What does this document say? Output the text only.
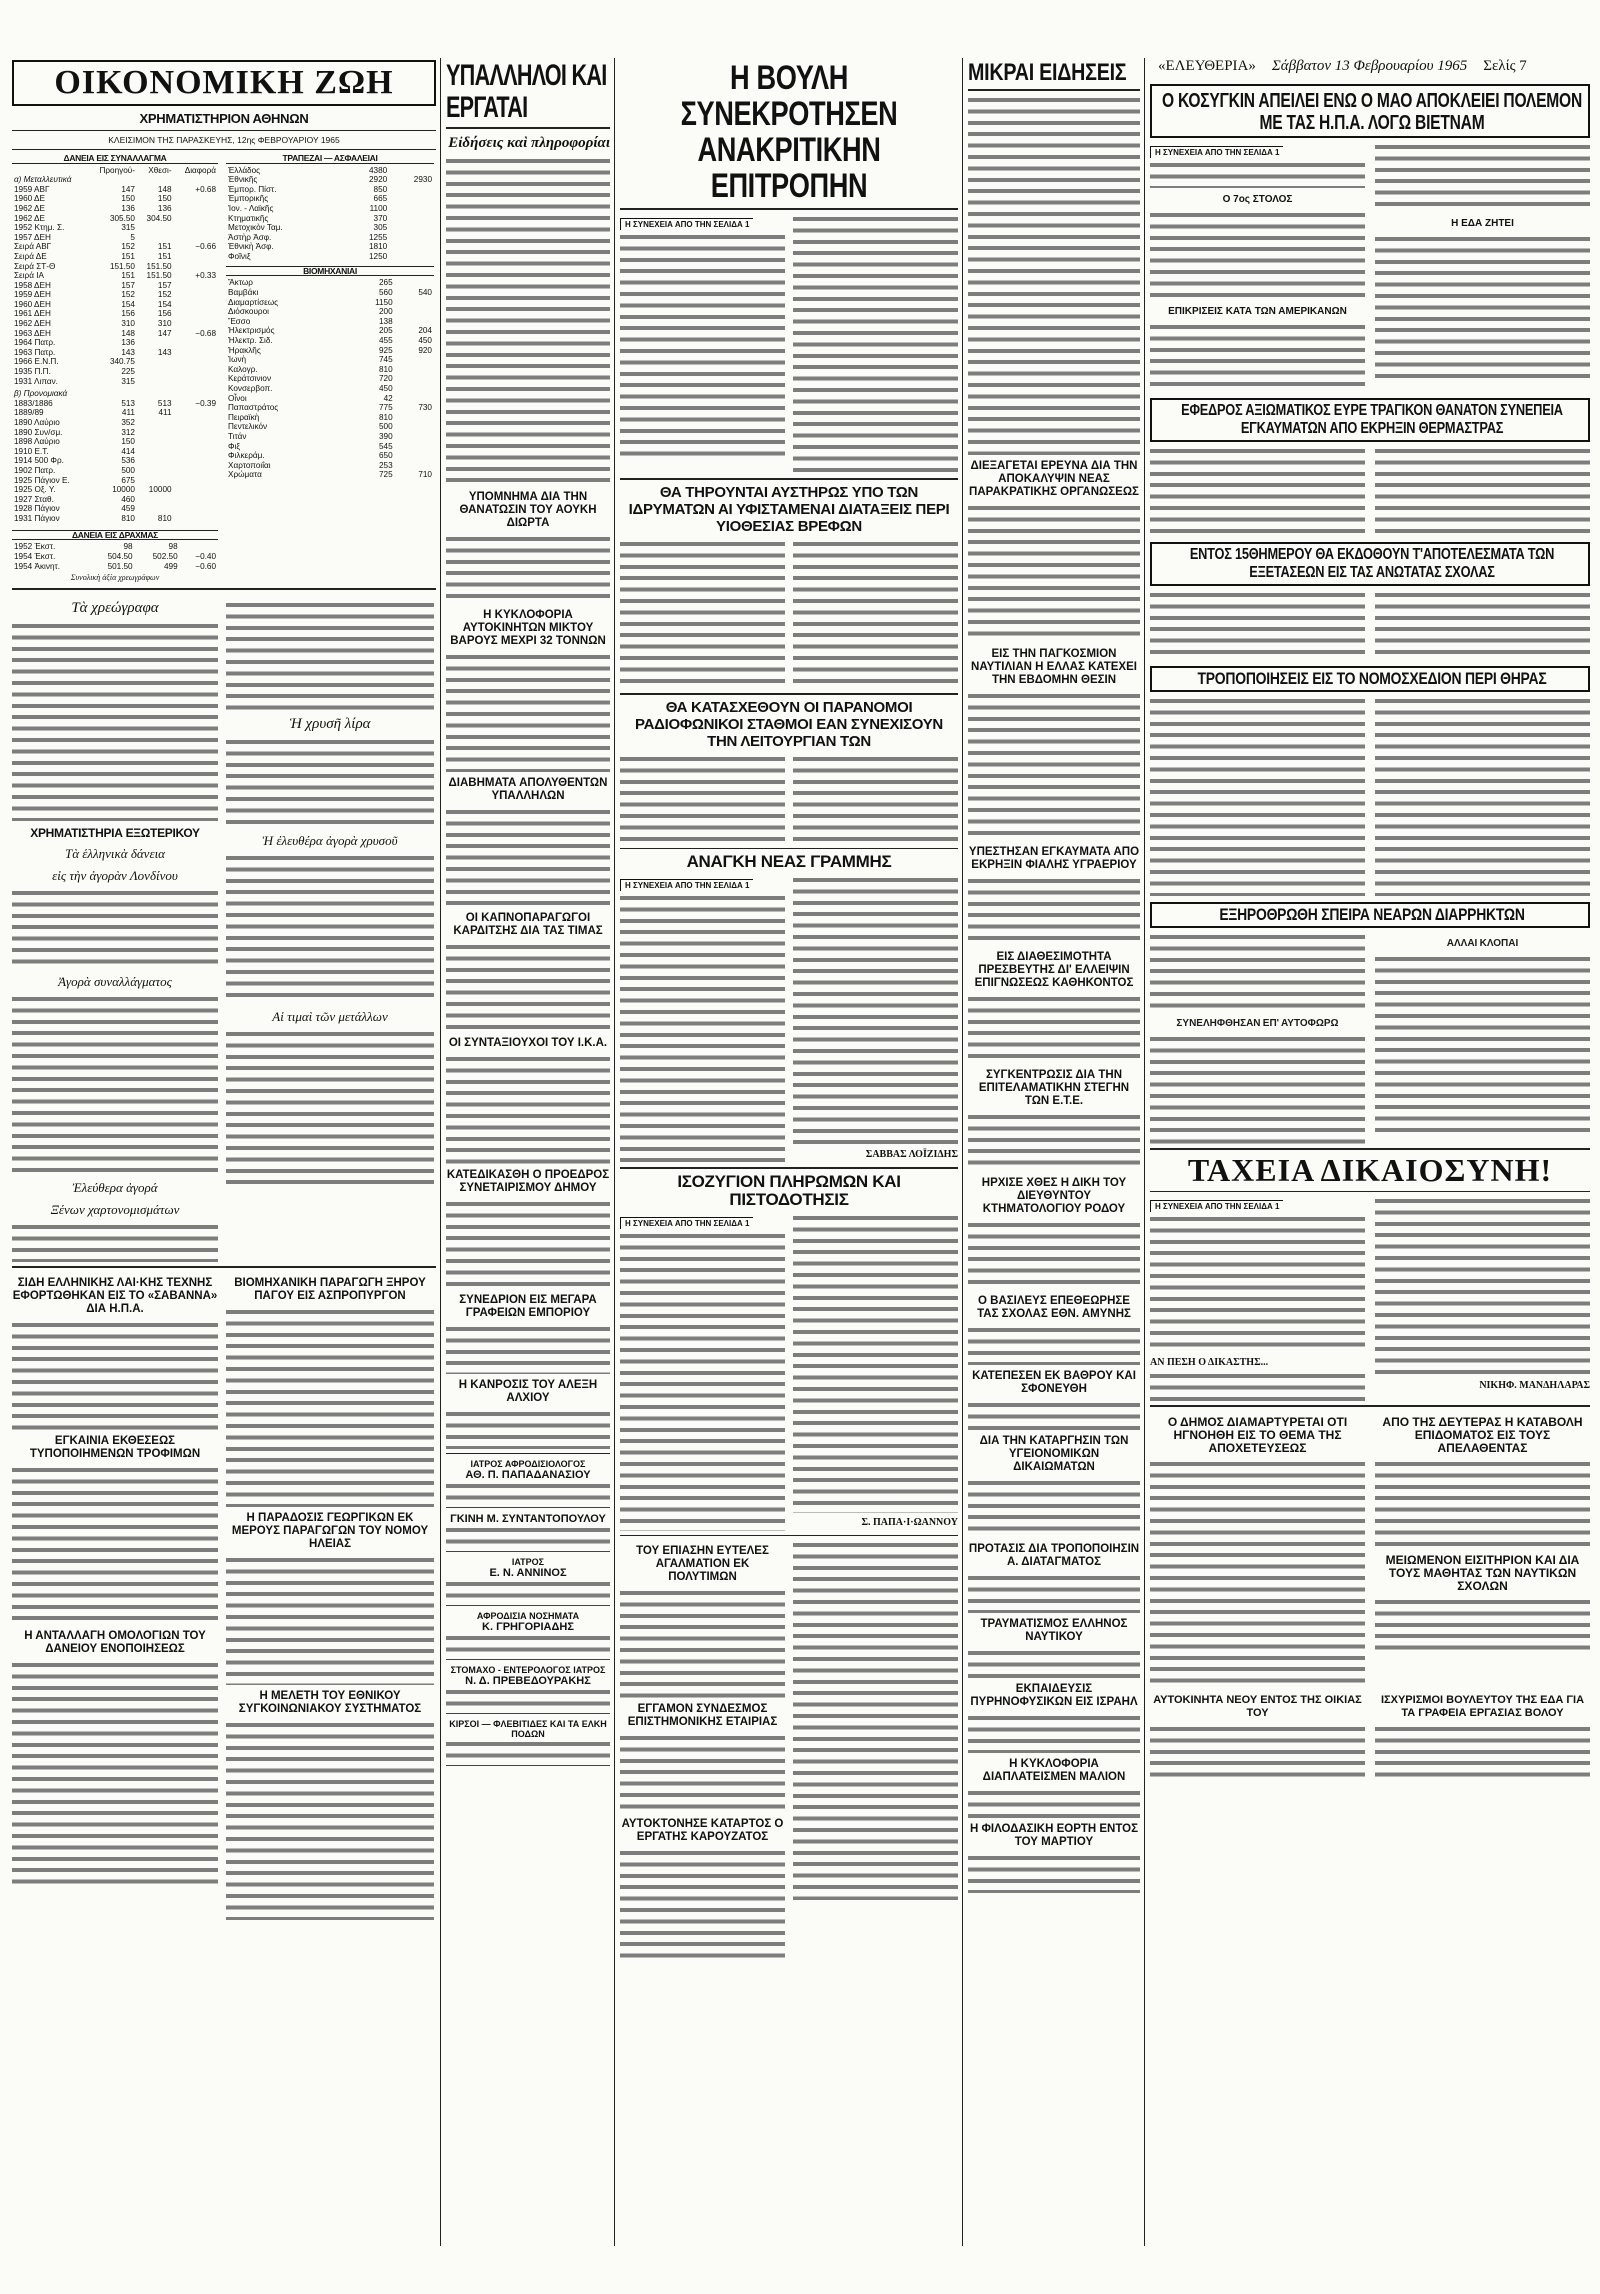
«ΕΛΕΥΘΕΡΙΑ» Σάββατον 13 Φεβρουαρίου 1965 Σελίς 7
ΟΙΚΟΝΟΜΙΚΗ ΖΩΗ
ΧΡΗΜΑΤΙΣΤΗΡΙΟΝ ΑΘΗΝΩΝ
ΚΛΕΙΣΙΜΟΝ ΤΗΣ ΠΑΡΑΣΚΕΥΗΣ, 12ης ΦΕΒΡΟΥΑΡΙΟΥ 1965
ΔΑΝΕΙΑ ΕΙΣ ΣΥΝΑΛΛΑΓΜΑ
	Προηγού-	Χθεσι-	Διαφορά
α) Μεταλλευτικά			
1959 ΑΒΓ	147	148	+0.68
1960 ΔΕ	150	150	
1962 ΔΕ	136	136	
1962 ΔΕ	305.50	304.50	
1952 Κτημ. Σ.	315		
1957 ΔΕΗ	5		
Σειρά ΑΒΓ	152	151	−0.66
Σειρά ΔΕ	151	151	
Σειρά ΣΤ-Θ	151.50	151.50	
Σειρά ΙΑ	151	151.50	+0.33
1958 ΔΕΗ	157	157	
1959 ΔΕΗ	152	152	
1960 ΔΕΗ	154	154	
1961 ΔΕΗ	156	156	
1962 ΔΕΗ	310	310	
1963 ΔΕΗ	148	147	−0.68
1964 Πατρ.	136		
1963 Πατρ.	143	143	
1966 Ε.Ν.Π.	340.75		
1935 Π.Π.	225		
1931 Λιπαν.	315		
β) Προνομιακά			
1883/1886	513	513	−0.39
1889/89	411	411	
1890 Λαύριο	352		
1890 Συν/σμ.	312		
1898 Λαύριο	150		
1910 Ε.Τ.	414		
1914 500 Φρ.	536		
1902 Πατρ.	500		
1925 Πάγιον Ε.	675		
1925 Οξ. Υ.	10000	10000	
1927 Σταθ.	460		
1928 Πάγιον	459		
1931 Πάγιον	810	810	
ΔΑΝΕΙΑ ΕΙΣ ΔΡΑΧΜΑΣ
1952 Ἐκστ.	98	98	
1954 Ἐκστ.	504.50	502.50	−0.40
1954 Ἀκινητ.	501.50	499	−0.60
Συνολικὴ ἀξία χρεωγράφων
ΤΡΑΠΕΖΑΙ — ΑΣΦΑΛΕΙΑΙ
Ἑλλάδος	4380	
Ἐθνικῆς	2920	2930
Ἐμπορ. Πίστ.	850	
Ἐμπορικῆς	665	
Ἰον. - Λαϊκῆς	1100	
Κτηματικῆς	370	
Μετοχικὸν Ταμ.	305	
Ἀστὴρ Ἀσφ.	1255	
Ἐθνικὴ Ἀσφ.	1810	
Φοῖνιξ	1250	
ΒΙΟΜΗΧΑΝΙΑΙ
Ἄκτωρ	265	
Βαμβάκι	560	540
Διαμαρτίσεως	1150	
Διόσκουροι	200	
Ἔσσο	138	
Ἡλεκτρισμός	205	204
Ἠλεκτρ. Σιδ.	455	450
Ἡρακλῆς	925	920
Ἰωνὴ	745	
Καλογρ.	810	
Κεράτσινιον	720	
Κονσερβοπ.	450	
Οἶνοι	42	
Παπαστράτος	775	730
Πειραϊκὴ	810	
Πεντελικόν	500	
Τιτάν	390	
Φιξ	545	
Φιλκεράμ.	650	
Χαρτοποιΐαι	253	
Χρώματα	725	710
Τὰ χρεώγραφα
ΧΡΗΜΑΤΙΣΤΗΡΙΑ ΕΞΩΤΕΡΙΚΟΥ
Τὰ ἑλληνικὰ δάνεια
εἰς τὴν ἀγορὰν Λονδίνου
Ἀγορὰ συναλλάγματος
Ἐλεύθερα ἀγορά
Ξένων χαρτονομισμάτων
Ἡ χρυσῆ λίρα
Ἡ ἐλευθέρα ἀγορὰ χρυσοῦ
Αἱ τιμαὶ τῶν μετάλλων
ΣΙΔΗ ΕΛΛΗΝΙΚΗΣ ΛΑΙ·ΚΗΣ ΤΕΧΝΗΣ ΕΦΟΡΤΩΘΗΚΑΝ ΕΙΣ ΤΟ «ΣΑΒΑΝΝΑ» ΔΙΑ Η.Π.Α.
ΕΓΚΑΙΝΙΑ ΕΚΘΕΣΕΩΣ ΤΥΠΟΠΟΙΗΜΕΝΩΝ ΤΡΟΦΙΜΩΝ
Η ΑΝΤΑΛΛΑΓΗ ΟΜΟΛΟΓΙΩΝ ΤΟΥ ΔΑΝΕΙΟΥ ΕΝΟΠΟΙΗΣΕΩΣ
ΒΙΟΜΗΧΑΝΙΚΗ ΠΑΡΑΓΩΓΗ ΞΗΡΟΥ ΠΑΓΟΥ ΕΙΣ ΑΣΠΡΟΠΥΡΓΟΝ
Η ΠΑΡΑΔΟΣΙΣ ΓΕΩΡΓΙΚΩΝ ΕΚ ΜΕΡΟΥΣ ΠΑΡΑΓΩΓΩΝ ΤΟΥ ΝΟΜΟΥ ΗΛΕΙΑΣ
Η ΜΕΛΕΤΗ ΤΟΥ ΕΘΝΙΚΟΥ ΣΥΓΚΟΙΝΩΝΙΑΚΟΥ ΣΥΣΤΗΜΑΤΟΣ
ΥΠΑΛΛΗΛΟΙ ΚΑΙ ΕΡΓΑΤΑΙ
Εἰδήσεις καὶ πληροφορίαι
ΥΠΟΜΝΗΜΑ ΔΙΑ ΤΗΝ ΘΑΝΑΤΩΣΙΝ ΤΟΥ ΑΟΥΚΗ ΔΙΩΡΤΑ
Η ΚΥΚΛΟΦΟΡΙΑ ΑΥΤΟΚΙΝΗΤΩΝ ΜΙΚΤΟΥ ΒΑΡΟΥΣ ΜΕΧΡΙ 32 ΤΟΝΝΩΝ
ΔΙΑΒΗΜΑΤΑ ΑΠΟΛΥΘΕΝΤΩΝ ΥΠΑΛΛΗΛΩΝ
ΟΙ ΚΑΠΝΟΠΑΡΑΓΩΓΟΙ ΚΑΡΔΙΤΣΗΣ ΔΙΑ ΤΑΣ ΤΙΜΑΣ
ΟΙ ΣΥΝΤΑΞΙΟΥΧΟΙ ΤΟΥ Ι.Κ.Α.
ΚΑΤΕΔΙΚΑΣΘΗ Ο ΠΡΟΕΔΡΟΣ ΣΥΝΕΤΑΙΡΙΣΜΟΥ ΔΗΜΟΥ
ΣΥΝΕΔΡΙΟΝ ΕΙΣ ΜΕΓΑΡΑ ΓΡΑΦΕΙΩΝ ΕΜΠΟΡΙΟΥ
Η ΚΑΝΡΟΣΙΣ ΤΟΥ ΑΛΕΞΗ ΑΛΧΙΟΥ
ΙΑΤΡΟΣ ΑΦΡΟΔΙΣΙΟΛΟΓΟΣ
ΑΘ. Π. ΠΑΠΑΔΑΝΑΣΙΟΥ
ΓΚΙΝΗ Μ. ΣΥΝΤΑΝΤΟΠΟΥΛΟΥ
ΙΑΤΡΟΣ
Ε. Ν. ΑΝΝΙΝΟΣ
ΑΦΡΟΔΙΣΙΑ ΝΟΣΗΜΑΤΑ
Κ. ΓΡΗΓΟΡΙΑΔΗΣ
ΣΤΟΜΑΧΟ - ΕΝΤΕΡΟΛΟΓΟΣ ΙΑΤΡΟΣ
Ν. Δ. ΠΡΕΒΕΔΟΥΡΑΚΗΣ
ΚΙΡΣΟΙ — ΦΛΕΒΙΤΙΔΕΣ ΚΑΙ ΤΑ ΕΛΚΗ ΠΟΔΩΝ
Η ΒΟΥΛΗ ΣΥΝΕΚΡΟΤΗΣΕΝ ΑΝΑΚΡΙΤΙΚΗΝ ΕΠΙΤΡΟΠΗΝ
Η ΣΥΝΕΧΕΙΑ ΑΠΟ ΤΗΝ ΣΕΛΙΔΑ 1
ΘΑ ΤΗΡΟΥΝΤΑΙ ΑΥΣΤΗΡΩΣ ΥΠΟ ΤΩΝ ΙΔΡΥΜΑΤΩΝ ΑΙ ΥΦΙΣΤΑΜΕΝΑΙ ΔΙΑΤΑΞΕΙΣ ΠΕΡΙ ΥΙΟΘΕΣΙΑΣ ΒΡΕΦΩΝ
ΘΑ ΚΑΤΑΣΧΕΘΟΥΝ ΟΙ ΠΑΡΑΝΟΜΟΙ ΡΑΔΙΟΦΩΝΙΚΟΙ ΣΤΑΘΜΟΙ ΕΑΝ ΣΥΝΕΧΙΣΟΥΝ ΤΗΝ ΛΕΙΤΟΥΡΓΙΑΝ ΤΩΝ
ΑΝΑΓΚΗ ΝΕΑΣ ΓΡΑΜΜΗΣ
Η ΣΥΝΕΧΕΙΑ ΑΠΟ ΤΗΝ ΣΕΛΙΔΑ 1
ΣΑΒΒΑΣ ΛΟΪΖΙΔΗΣ
ΙΣΟΖΥΓΙΟΝ ΠΛΗΡΩΜΩΝ ΚΑΙ ΠΙΣΤΟΔΟΤΗΣΙΣ
Η ΣΥΝΕΧΕΙΑ ΑΠΟ ΤΗΝ ΣΕΛΙΔΑ 1
Σ. ΠΑΠΑ·Ι·ΩΑΝΝΟΥ
ΤΟΥ ΕΠΙΑΣΗΝ ΕΥΤΕΛΕΣ ΑΓΑΛΜΑΤΙΟΝ ΕΚ ΠΟΛΥΤΙΜΩΝ
ΕΓΓΑΜΟΝ ΣΥΝΔΕΣΜΟΣ ΕΠΙΣΤΗΜΟΝΙΚΗΣ ΕΤΑΙΡΙΑΣ
ΑΥΤΟΚΤΟΝΗΣΕ ΚΑΤΑΡΤΟΣ Ο ΕΡΓΑΤΗΣ ΚΑΡΟΥΖΑΤΟΣ
ΜΙΚΡΑΙ ΕΙΔΗΣΕΙΣ
ΔΙΕΞΑΓΕΤΑΙ ΕΡΕΥΝΑ ΔΙΑ ΤΗΝ ΑΠΟΚΑΛΥΨΙΝ ΝΕΑΣ ΠΑΡΑΚΡΑΤΙΚΗΣ ΟΡΓΑΝΩΣΕΩΣ
ΕΙΣ ΤΗΝ ΠΑΓΚΟΣΜΙΟΝ ΝΑΥΤΙΛΙΑΝ Η ΕΛΛΑΣ ΚΑΤΕΧΕΙ ΤΗΝ ΕΒΔΟΜΗΝ ΘΕΣΙΝ
ΥΠΕΣΤΗΣΑΝ ΕΓΚΑΥΜΑΤΑ ΑΠΟ ΕΚΡΗΞΙΝ ΦΙΑΛΗΣ ΥΓΡΑΕΡΙΟΥ
ΕΙΣ ΔΙΑΘΕΣΙΜΟΤΗΤΑ ΠΡΕΣΒΕΥΤΗΣ ΔΙ' ΕΛΛΕΙΨΙΝ ΕΠΙΓΝΩΣΕΩΣ ΚΑΘΗΚΟΝΤΟΣ
ΣΥΓΚΕΝΤΡΩΣΙΣ ΔΙΑ ΤΗΝ ΕΠΙΤΕΛΑΜΑΤΙΚΗΝ ΣΤΕΓΗΝ ΤΩΝ Ε.Τ.Ε.
ΗΡΧΙΣΕ ΧΘΕΣ Η ΔΙΚΗ ΤΟΥ ΔΙΕΥΘΥΝΤΟΥ ΚΤΗΜΑΤΟΛΟΓΙΟΥ ΡΟΔΟΥ
Ο ΒΑΣΙΛΕΥΣ ΕΠΕΘΕΩΡΗΣΕ ΤΑΣ ΣΧΟΛΑΣ ΕΘΝ. ΑΜΥΝΗΣ
ΚΑΤΕΠΕΣΕΝ ΕΚ ΒΑΘΡΟΥ ΚΑΙ ΣΦΟΝΕΥΘΗ
ΔΙΑ ΤΗΝ ΚΑΤΑΡΓΗΣΙΝ ΤΩΝ ΥΓΕΙΟΝΟΜΙΚΩΝ ΔΙΚΑΙΩΜΑΤΩΝ
ΠΡΟΤΑΣΙΣ ΔΙΑ ΤΡΟΠΟΠΟΙΗΣΙΝ Α. ΔΙΑΤΑΓΜΑΤΟΣ
ΤΡΑΥΜΑΤΙΣΜΟΣ ΕΛΛΗΝΟΣ ΝΑΥΤΙΚΟΥ
ΕΚΠΑΙΔΕΥΣΙΣ ΠΥΡΗΝΟΦΥΣΙΚΩΝ ΕΙΣ ΙΣΡΑΗΛ
Η ΚΥΚΛΟΦΟΡΙΑ ΔΙΑΠΛΑΤΕΙΣΜΕΝ ΜΑΛΙΟΝ
Η ΦΙΛΟΔΑΣΙΚΗ ΕΟΡΤΗ ΕΝΤΟΣ ΤΟΥ ΜΑΡΤΙΟΥ
Ο ΚΟΣΥΓΚΙΝ ΑΠΕΙΛΕΙ ΕΝΩ Ο ΜΑΟ ΑΠΟΚΛΕΙΕΙ ΠΟΛΕΜΟΝ ΜΕ ΤΑΣ Η.Π.Α. ΛΟΓΩ ΒΙΕΤΝΑΜ
Η ΣΥΝΕΧΕΙΑ ΑΠΟ ΤΗΝ ΣΕΛΙΔΑ 1
Ο 7ος ΣΤΟΛΟΣ
ΕΠΙΚΡΙΣΕΙΣ ΚΑΤΑ ΤΩΝ ΑΜΕΡΙΚΑΝΩΝ
Η ΕΔΑ ΖΗΤΕΙ
ΕΦΕΔΡΟΣ ΑΞΙΩΜΑΤΙΚΟΣ ΕΥΡΕ ΤΡΑΓΙΚΟΝ ΘΑΝΑΤΟΝ ΣΥΝΕΠΕΙΑ ΕΓΚΑΥΜΑΤΩΝ ΑΠΟ ΕΚΡΗΞΙΝ ΘΕΡΜΑΣΤΡΑΣ
ΕΝΤΟΣ 15ΘΗΜΕΡΟΥ ΘΑ ΕΚΔΟΘΟΥΝ Τ'ΑΠΟΤΕΛΕΣΜΑΤΑ ΤΩΝ ΕΞΕΤΑΣΕΩΝ ΕΙΣ ΤΑΣ ΑΝΩΤΑΤΑΣ ΣΧΟΛΑΣ
ΤΡΟΠΟΠΟΙΗΣΕΙΣ ΕΙΣ ΤΟ ΝΟΜΟΣΧΕΔΙΟΝ ΠΕΡΙ ΘΗΡΑΣ
ΕΞΗΡΟΘΡΩΘΗ ΣΠΕΙΡΑ ΝΕΑΡΩΝ ΔΙΑΡΡΗΚΤΩΝ
ΣΥΝΕΛΗΦΘΗΣΑΝ ΕΠ' ΑΥΤΟΦΩΡΩ
ΑΛΛΑΙ ΚΛΟΠΑΙ
ΤΑΧΕΙΑ ΔΙΚΑΙΟΣΥΝΗ!
Η ΣΥΝΕΧΕΙΑ ΑΠΟ ΤΗΝ ΣΕΛΙΔΑ 1
ΑΝ ΠΕΣΗ Ο ΔΙΚΑΣΤΗΣ...
ΝΙΚΗΦ. ΜΑΝΔΗΛΑΡΑΣ
Ο ΔΗΜΟΣ ΔΙΑΜΑΡΤΥΡΕΤΑΙ ΟΤΙ ΗΓΝΟΗΘΗ ΕΙΣ ΤΟ ΘΕΜΑ ΤΗΣ ΑΠΟΧΕΤΕΥΣΕΩΣ
ΑΠΟ ΤΗΣ ΔΕΥΤΕΡΑΣ Η ΚΑΤΑΒΟΛΗ ΕΠΙΔΟΜΑΤΟΣ ΕΙΣ ΤΟΥΣ ΑΠΕΛΑΘΕΝΤΑΣ
ΜΕΙΩΜΕΝΟΝ ΕΙΣΙΤΗΡΙΟΝ ΚΑΙ ΔΙΑ ΤΟΥΣ ΜΑΘΗΤΑΣ ΤΩΝ ΝΑΥΤΙΚΩΝ ΣΧΟΛΩΝ
ΑΥΤΟΚΙΝΗΤΑ ΝΕΟΥ ΕΝΤΟΣ ΤΗΣ ΟΙΚΙΑΣ ΤΟΥ
ΙΣΧΥΡΙΣΜΟΙ ΒΟΥΛΕΥΤΟΥ ΤΗΣ ΕΔΑ ΓΙΑ ΤΑ ΓΡΑΦΕΙΑ ΕΡΓΑΣΙΑΣ ΒΟΛΟΥ
